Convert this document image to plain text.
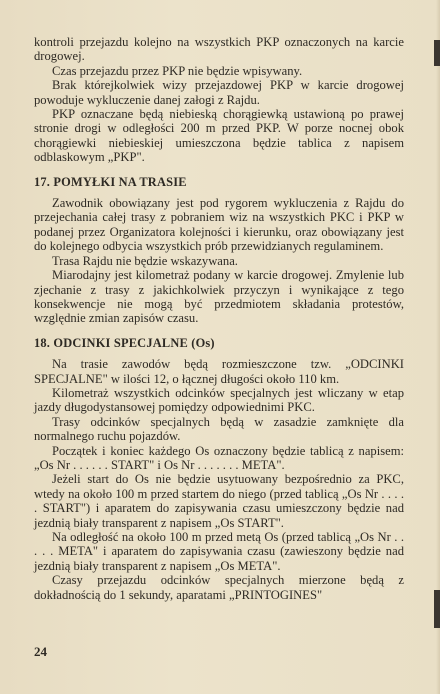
kontroli przejazdu kolejno na wszystkich PKP oznaczonych na karcie drogowej.

Czas przejazdu przez PKP nie będzie wpisywany.

Brak którejkolwiek wizy przejazdowej PKP w karcie drogowej powoduje wykluczenie danej załogi z Rajdu.

PKP oznaczane będą niebieską chorągiewką ustawioną po prawej stronie drogi w odległości 200 m przed PKP. W porze nocnej obok chorągiewki niebieskiej umieszczona będzie tablica z napisem odblaskowym „PKP".

17. POMYŁKI NA TRASIE

Zawodnik obowiązany jest pod rygorem wykluczenia z Rajdu do przejechania całej trasy z pobraniem wiz na wszystkich PKC i PKP w podanej przez Organizatora kolejności i kierunku, oraz obowiązany jest do kolejnego odbycia wszystkich prób przewidzianych regulaminem.

Trasa Rajdu nie będzie wskazywana.

Miarodajny jest kilometraż podany w karcie drogowej. Zmylenie lub zjechanie z trasy z jakichkolwiek przyczyn i wynikające z tego konsekwencje nie mogą być przedmiotem składania protestów, względnie zmian zapisów czasu.

18. ODCINKI SPECJALNE (Os)

Na trasie zawodów będą rozmieszczone tzw. „ODCINKI SPECJALNE" w ilości 12, o łącznej długości około 110 km.

Kilometraż wszystkich odcinków specjalnych jest wliczany w etap jazdy długodystansowej pomiędzy odpowiednimi PKC.

Trasy odcinków specjalnych będą w zasadzie zamknięte dla normalnego ruchu pojazdów.

Początek i koniec każdego Os oznaczony będzie tablicą z napisem: „Os Nr . . . . . . START" i Os Nr . . . . . . . META".

Jeżeli start do Os nie będzie usytuowany bezpośrednio za PKC, wtedy na około 100 m przed startem do niego (przed tablicą „Os Nr . . . . . START") i aparatem do zapisywania czasu umieszczony będzie nad jezdnią biały transparent z napisem „Os START".

Na odległość na około 100 m przed metą Os (przed tablicą „Os Nr . . . . . META" i aparatem do zapisywania czasu (zawieszony będzie nad jezdnią biały transparent z napisem „Os META".

Czasy przejazdu odcinków specjalnych mierzone będą z dokładnością do 1 sekundy, aparatami „PRINTOGINES"

24
